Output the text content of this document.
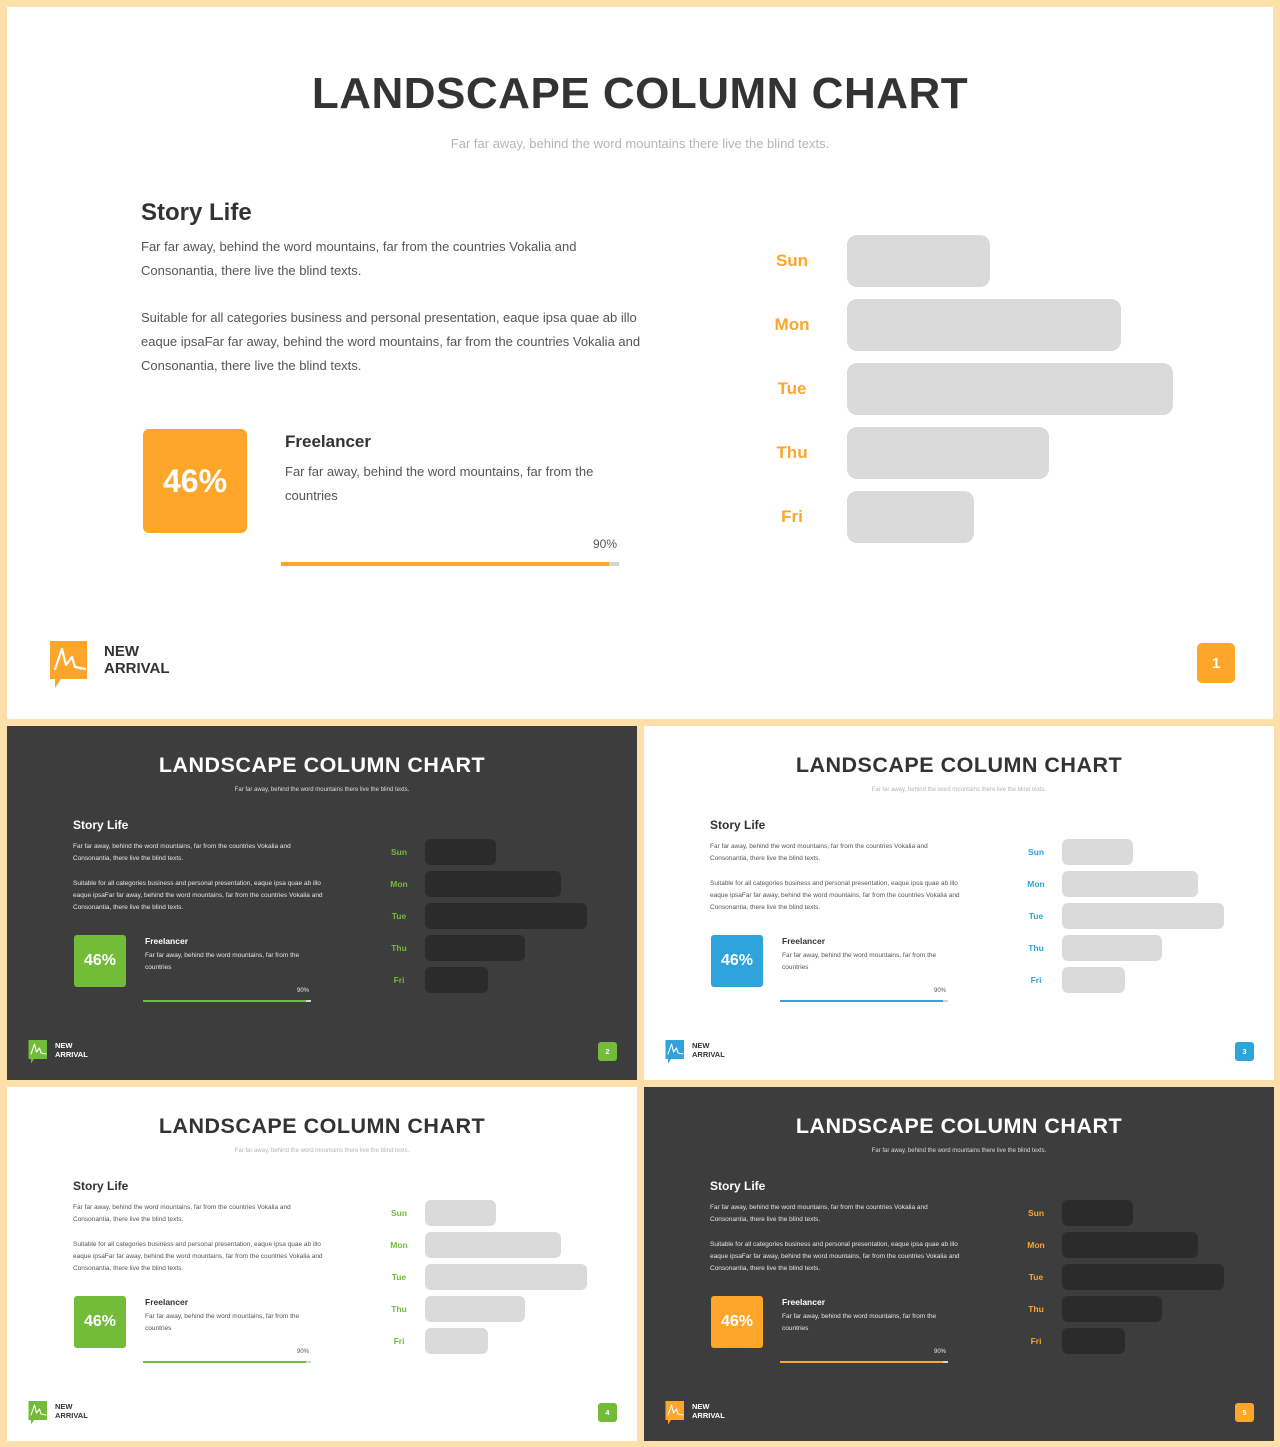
LANDSCAPE COLUMN CHART
Far far away, behind the word mountains there live the blind texts.
Story Life
Far far away, behind the word mountains, far from the countries Vokalia and Consonantia, there live the blind texts.
Suitable for all categories business and personal presentation, eaque ipsa quae ab illo eaque ipsaFar far away, behind the word mountains, far from the countries Vokalia and Consonantia, there live the blind texts.
46%
Freelancer
Far far away, behind the word mountains, far from the countries
90%
Sun
Mon
Tue
Thu
Fri
NEW
ARRIVAL	1
LANDSCAPE COLUMN CHART
Far far away, behind the word mountains there live the blind texts.
Story Life
Far far away, behind the word mountains, far from the countries Vokalia and Consonantia, there live the blind texts.
Suitable for all categories business and personal presentation, eaque ipsa quae ab illo eaque ipsaFar far away, behind the word mountains, far from the countries Vokalia and Consonantia, there live the blind texts.
46%
Freelancer
Far far away, behind the word mountains, far from the countries
90%
Sun
Mon
Tue
Thu
Fri
NEW
ARRIVAL	2
LANDSCAPE COLUMN CHART
Far far away, behind the word mountains there live the blind texts.
Story Life
Far far away, behind the word mountains, far from the countries Vokalia and Consonantia, there live the blind texts.
Suitable for all categories business and personal presentation, eaque ipsa quae ab illo eaque ipsaFar far away, behind the word mountains, far from the countries Vokalia and Consonantia, there live the blind texts.
46%
Freelancer
Far far away, behind the word mountains, far from the countries
90%
Sun
Mon
Tue
Thu
Fri
NEW
ARRIVAL	3
LANDSCAPE COLUMN CHART
Far far away, behind the word mountains there live the blind texts.
Story Life
Far far away, behind the word mountains, far from the countries Vokalia and Consonantia, there live the blind texts.
Suitable for all categories business and personal presentation, eaque ipsa quae ab illo eaque ipsaFar far away, behind the word mountains, far from the countries Vokalia and Consonantia, there live the blind texts.
46%
Freelancer
Far far away, behind the word mountains, far from the countries
90%
Sun
Mon
Tue
Thu
Fri
NEW
ARRIVAL	4
LANDSCAPE COLUMN CHART
Far far away, behind the word mountains there live the blind texts.
Story Life
Far far away, behind the word mountains, far from the countries Vokalia and Consonantia, there live the blind texts.
Suitable for all categories business and personal presentation, eaque ipsa quae ab illo eaque ipsaFar far away, behind the word mountains, far from the countries Vokalia and Consonantia, there live the blind texts.
46%
Freelancer
Far far away, behind the word mountains, far from the countries
90%
Sun
Mon
Tue
Thu
Fri
NEW
ARRIVAL	5
